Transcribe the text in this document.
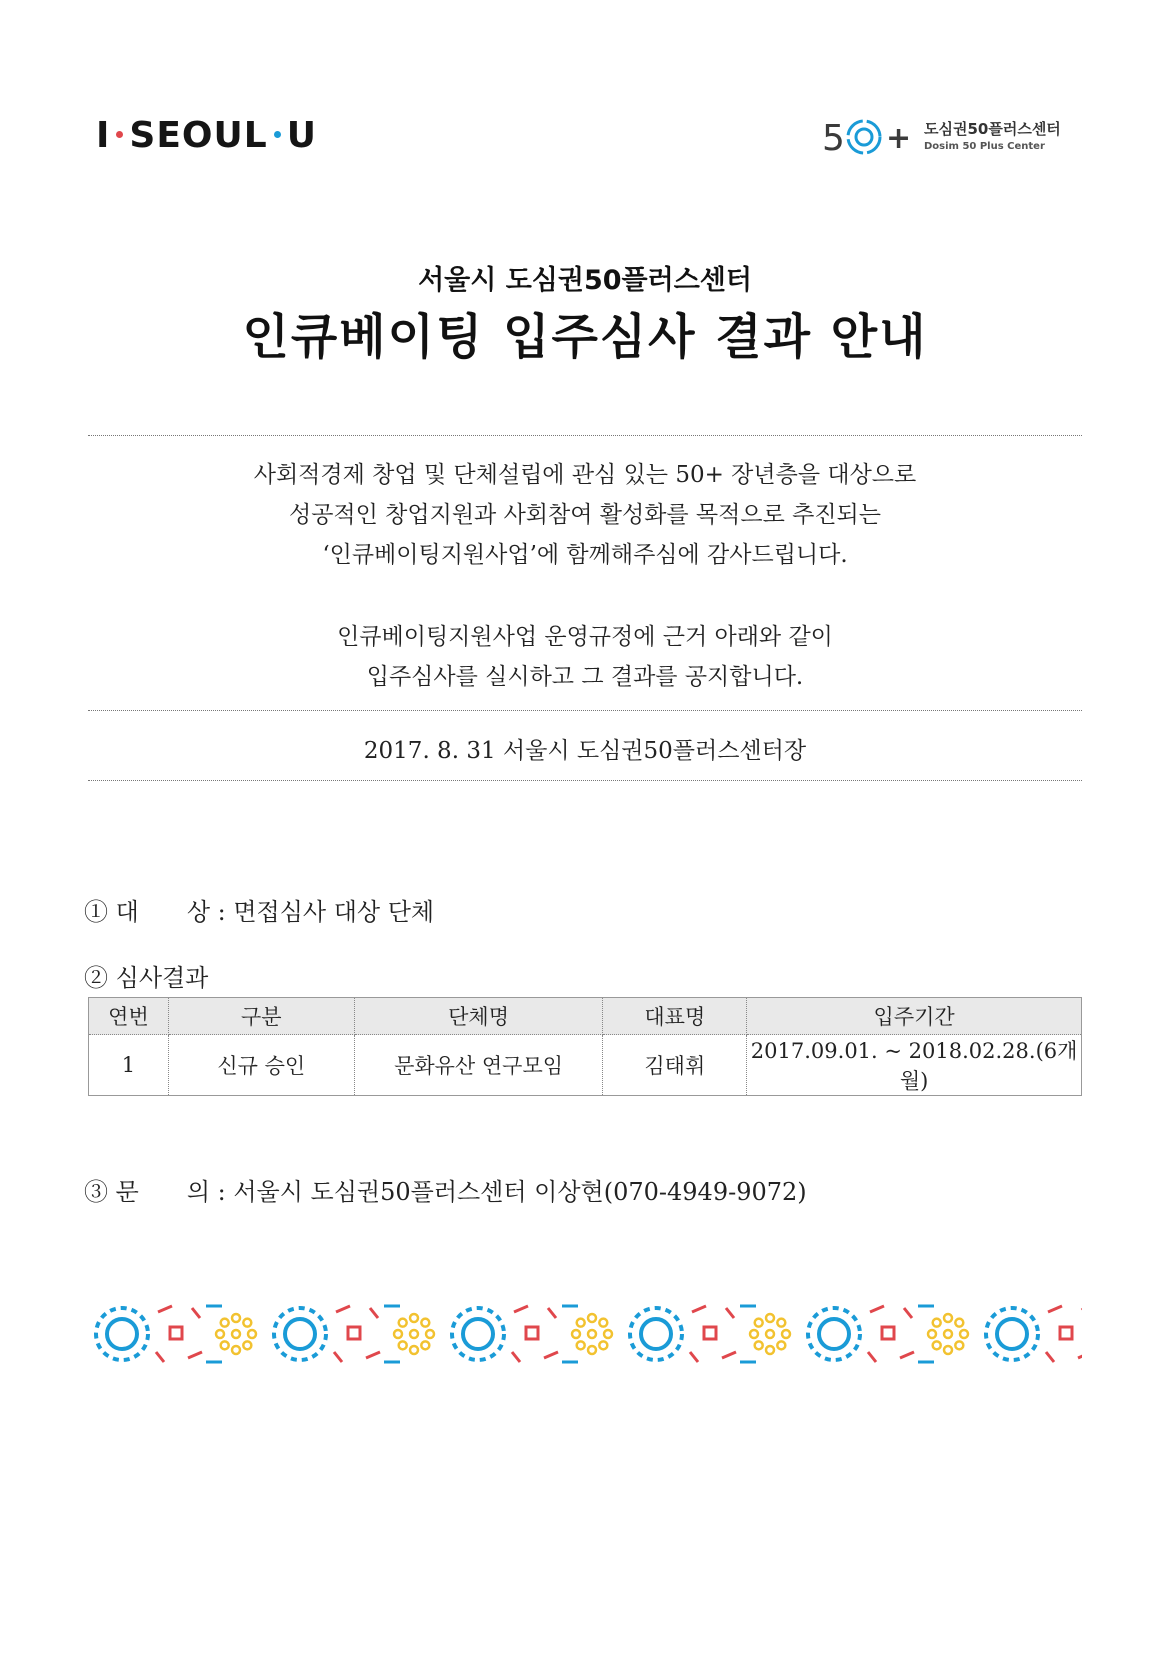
I SEOUL U	5 + 도심권50플러스센터
Dosim 50 Plus Center
서울시 도심권50플러스센터
인큐베이팅 입주심사 결과 안내
사회적경제 창업 및 단체설립에 관심 있는 50+ 장년층을 대상으로
성공적인 창업지원과 사회참여 활성화를 목적으로 추진되는
‘인큐베이팅지원사업’에 함께해주심에 감사드립니다.
인큐베이팅지원사업 운영규정에 근거 아래와 같이
입주심사를 실시하고 그 결과를 공지합니다.
2017. 8. 31 서울시 도심권50플러스센터장
① 대　　상 : 면접심사 대상 단체
② 심사결과
연번	구분	단체명	대표명	입주기간
1	신규 승인	문화유산 연구모임	김태휘	2017.09.01. ~ 2018.02.28.(6개월)
③ 문　　의 : 서울시 도심권50플러스센터 이상현(070-4949-9072)
